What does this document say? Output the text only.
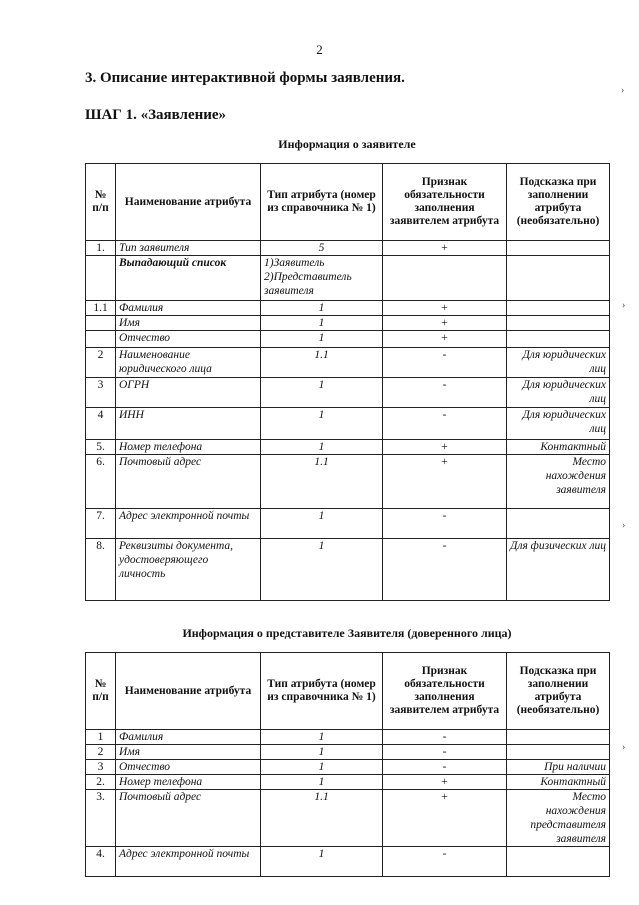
2
3. Описание интерактивной формы заявления.
ШАГ 1. «Заявление»
Информация о заявителе
№ п/п	Наименование атрибута	Тип атрибута (номер из справочника № 1)	Признак обязательности заполнения заявителем атрибута	Подсказка при заполнении атрибута (необязательно)
1.	Тип заявителя	5	+	
	Выпадающий список	1)Заявитель 2)Представитель заявителя		
1.1	Фамилия	1	+	
	Имя	1	+	
	Отчество	1	+	
2	Наименование юридического лица	1.1	-	Для юридических лиц
3	ОГРН	1	-	Для юридических лиц
4	ИНН	1	-	Для юридических лиц
5.	Номер телефона	1	+	Контактный
6.	Почтовый адрес	1.1	+	Место нахождения заявителя
7.	Адрес электронной почты	1	-	
8.	Реквизиты документа, удостоверяющего личность	1	-	Для физических лиц
Информация о представителе Заявителя (доверенного лица)
№ п/п	Наименование атрибута	Тип атрибута (номер из справочника № 1)	Признак обязательности заполнения заявителем атрибута	Подсказка при заполнении атрибута (необязательно)
1	Фамилия	1	-	
2	Имя	1	-	
3	Отчество	1	-	При наличии
2.	Номер телефона	1	+	Контактный
3.	Почтовый адрес	1.1	+	Место нахождения представителя заявителя
4.	Адрес электронной почты	1	-	
›
›
›
›
